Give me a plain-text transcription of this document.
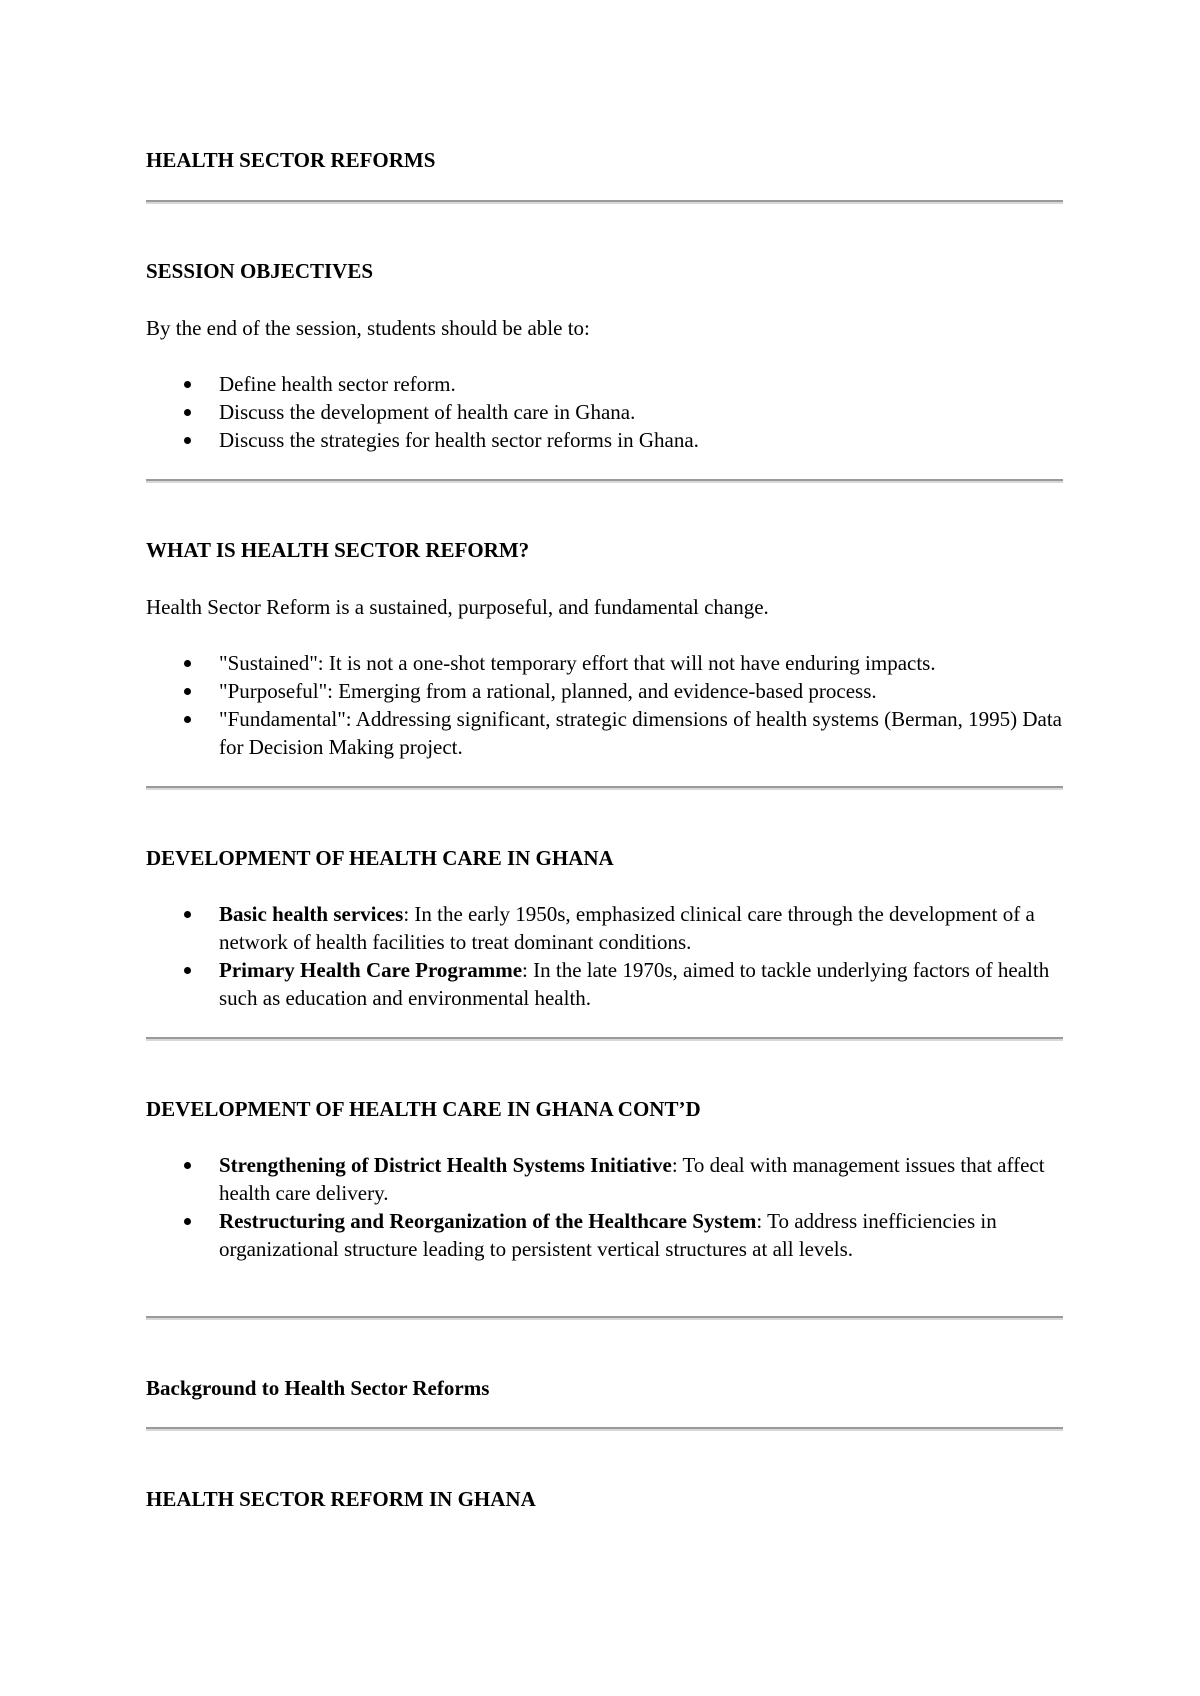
HEALTH SECTOR REFORMS
SESSION OBJECTIVES
By the end of the session, students should be able to:
Define health sector reform.
Discuss the development of health care in Ghana.
Discuss the strategies for health sector reforms in Ghana.
WHAT IS HEALTH SECTOR REFORM?
Health Sector Reform is a sustained, purposeful, and fundamental change.
"Sustained": It is not a one-shot temporary effort that will not have enduring impacts.
"Purposeful": Emerging from a rational, planned, and evidence-based process.
"Fundamental": Addressing significant, strategic dimensions of health systems (Berman, 1995) Data for Decision Making project.
DEVELOPMENT OF HEALTH CARE IN GHANA
Basic health services: In the early 1950s, emphasized clinical care through the development of a network of health facilities to treat dominant conditions.
Primary Health Care Programme: In the late 1970s, aimed to tackle underlying factors of health such as education and environmental health.
DEVELOPMENT OF HEALTH CARE IN GHANA CONT’D
Strengthening of District Health Systems Initiative: To deal with management issues that affect health care delivery.
Restructuring and Reorganization of the Healthcare System: To address inefficiencies in organizational structure leading to persistent vertical structures at all levels.
Background to Health Sector Reforms
HEALTH SECTOR REFORM IN GHANA
